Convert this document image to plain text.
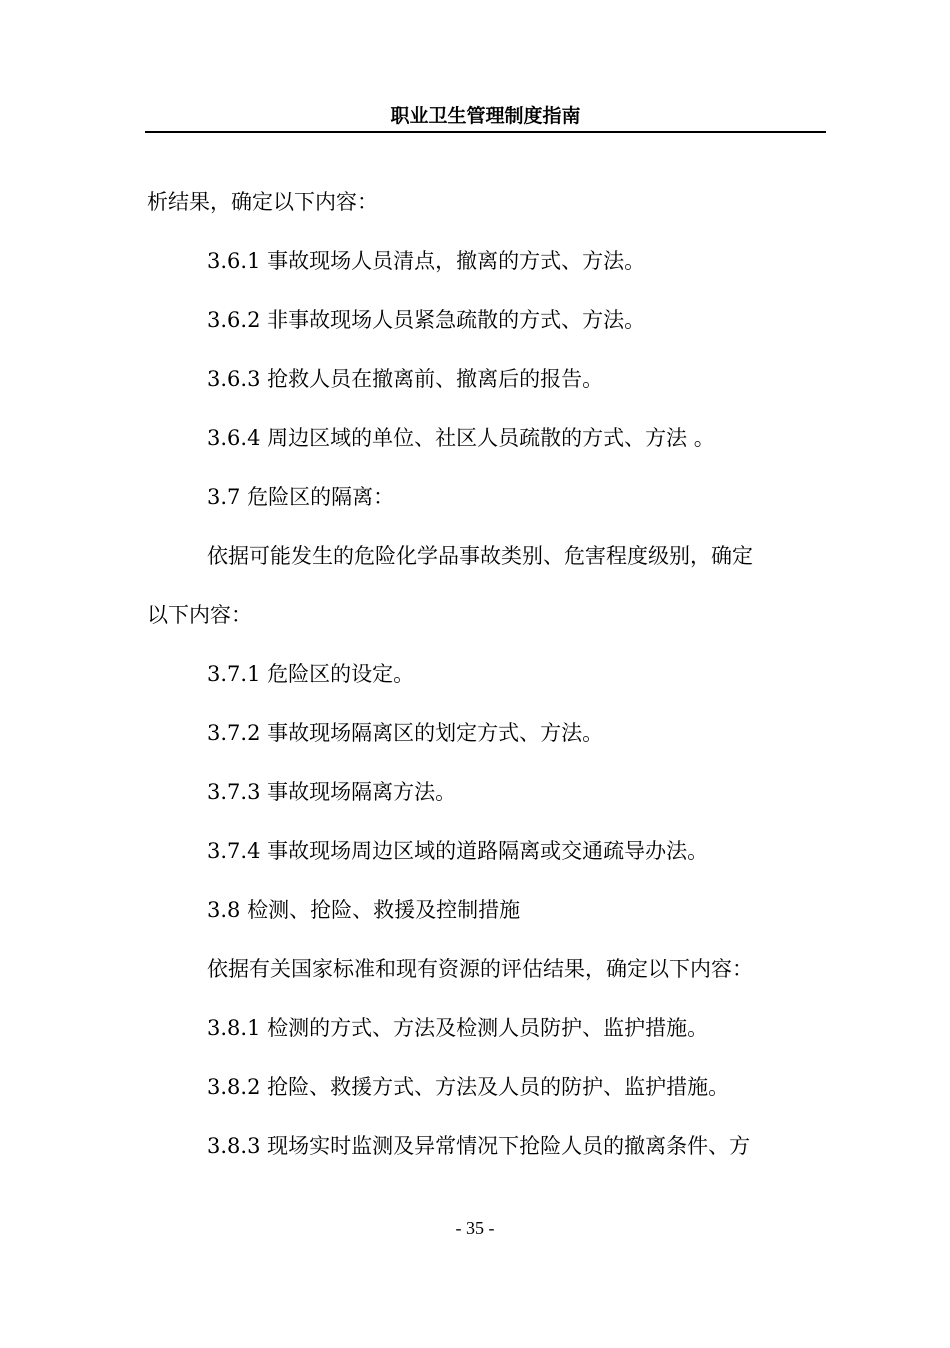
职业卫生管理制度指南
析结果，确定以下内容：
3.6.1 事故现场人员清点，撤离的方式、方法。
3.6.2 非事故现场人员紧急疏散的方式、方法。
3.6.3 抢救人员在撤离前、撤离后的报告。
3.6.4 周边区域的单位、社区人员疏散的方式、方法 。
3.7 危险区的隔离：
依据可能发生的危险化学品事故类别、危害程度级别，确定
以下内容：
3.7.1 危险区的设定。
3.7.2 事故现场隔离区的划定方式、方法。
3.7.3 事故现场隔离方法。
3.7.4 事故现场周边区域的道路隔离或交通疏导办法。
3.8 检测、抢险、救援及控制措施
依据有关国家标准和现有资源的评估结果，确定以下内容：
3.8.1 检测的方式、方法及检测人员防护、监护措施。
3.8.2 抢险、救援方式、方法及人员的防护、监护措施。
3.8.3 现场实时监测及异常情况下抢险人员的撤离条件、方
- 35 -
